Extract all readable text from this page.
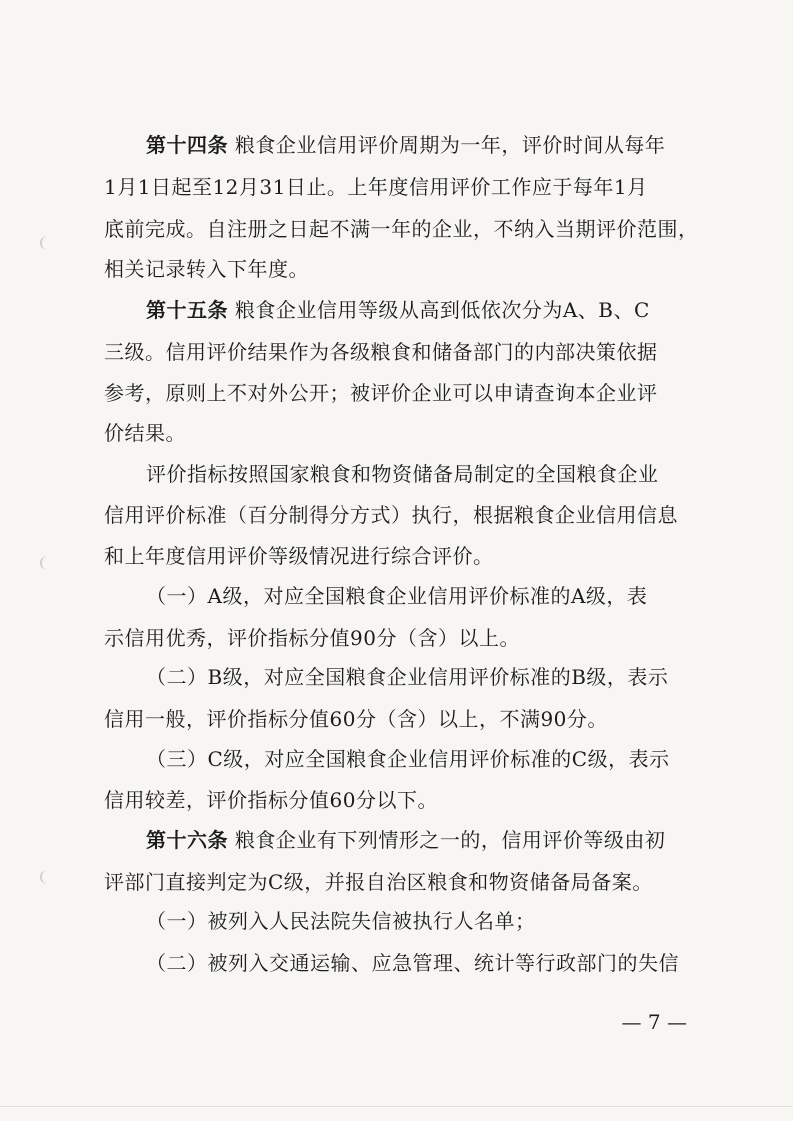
第十四条 粮食企业信用评价周期为一年，评价时间从每年
1月1日起至12月31日止。上年度信用评价工作应于每年1月
底前完成。自注册之日起不满一年的企业，不纳入当期评价范围，
相关记录转入下年度。
第十五条 粮食企业信用等级从高到低依次分为A、B、C
三级。信用评价结果作为各级粮食和储备部门的内部决策依据
参考，原则上不对外公开；被评价企业可以申请查询本企业评
价结果。
评价指标按照国家粮食和物资储备局制定的全国粮食企业
信用评价标准（百分制得分方式）执行，根据粮食企业信用信息
和上年度信用评价等级情况进行综合评价。
（一）A级，对应全国粮食企业信用评价标准的A级，表
示信用优秀，评价指标分值90分（含）以上。
（二）B级，对应全国粮食企业信用评价标准的B级，表示
信用一般，评价指标分值60分（含）以上，不满90分。
（三）C级，对应全国粮食企业信用评价标准的C级，表示
信用较差，评价指标分值60分以下。
第十六条 粮食企业有下列情形之一的，信用评价等级由初
评部门直接判定为C级，并报自治区粮食和物资储备局备案。
（一）被列入人民法院失信被执行人名单；
（二）被列入交通运输、应急管理、统计等行政部门的失信
— 7 —
